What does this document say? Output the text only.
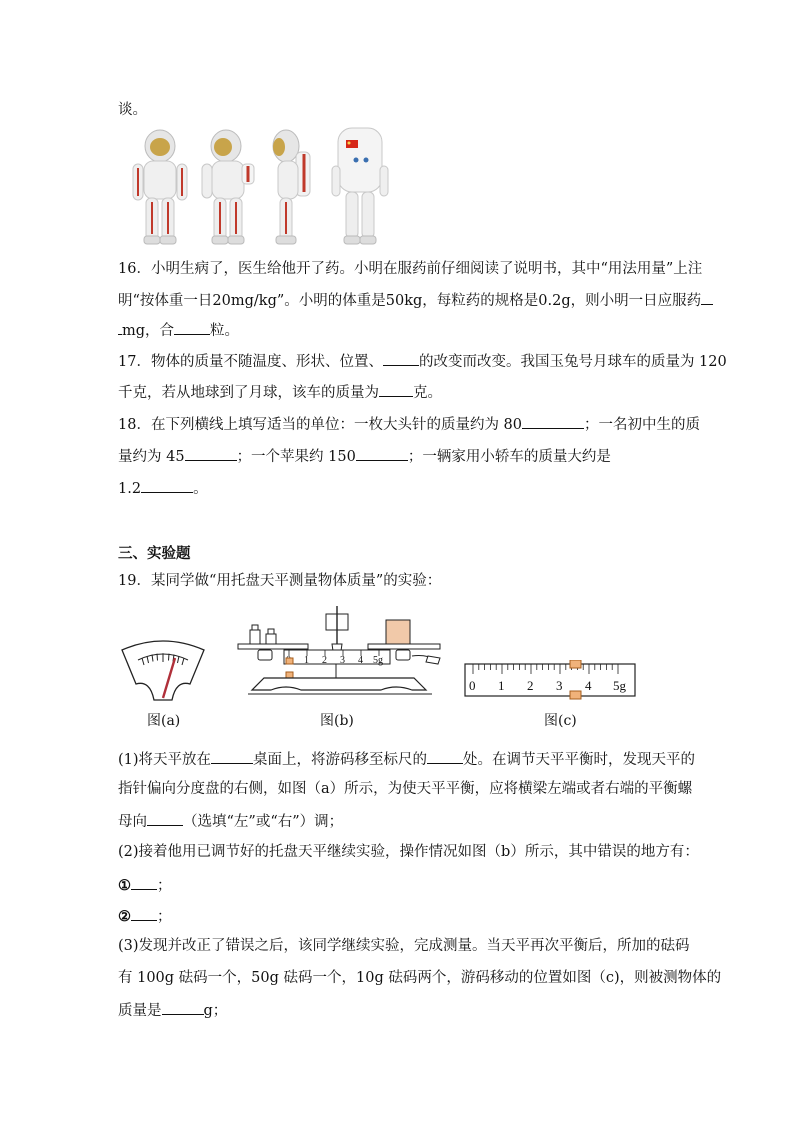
谈。
16．小明生病了，医生给他开了药。小明在服药前仔细阅读了说明书，其中“用法用量”上注
明“按体重一日20mg/kg”。小明的体重是50kg，每粒药的规格是0.2g，则小明一日应服药
mg，合 粒。
17．物体的质量不随温度、形状、位置、 的改变而改变。我国玉兔号月球车的质量为 120
千克，若从地球到了月球，该车的质量为 克。
18．在下列横线上填写适当的单位：一枚大头针的质量约为 80	；一名初中生的质
量约为 45	；一个苹果约 150	；一辆家用小轿车的质量大约是
1.2	。
三、实验题
19．某同学做“用托盘天平测量物体质量”的实验：
图(a)
1 2 3 4 5g
图(b)
0 1 2 3 4 5g
图(c)
(1)将天平放在	桌面上，将游码移至标尺的 处。在调节天平平衡时，发现天平的
指针偏向分度盘的右侧，如图（a）所示，为使天平平衡，应将横梁左端或者右端的平衡螺
母向 （选填“左”或“右”）调；
(2)接着他用已调节好的托盘天平继续实验，操作情况如图（b）所示，其中错误的地方有：
① ；
② ；
(3)发现并改正了错误之后，该同学继续实验，完成测量。当天平再次平衡后，所加的砝码
有 100g 砝码一个，50g 砝码一个，10g 砝码两个，游码移动的位置如图（c)，则被测物体的
质量是	g；
